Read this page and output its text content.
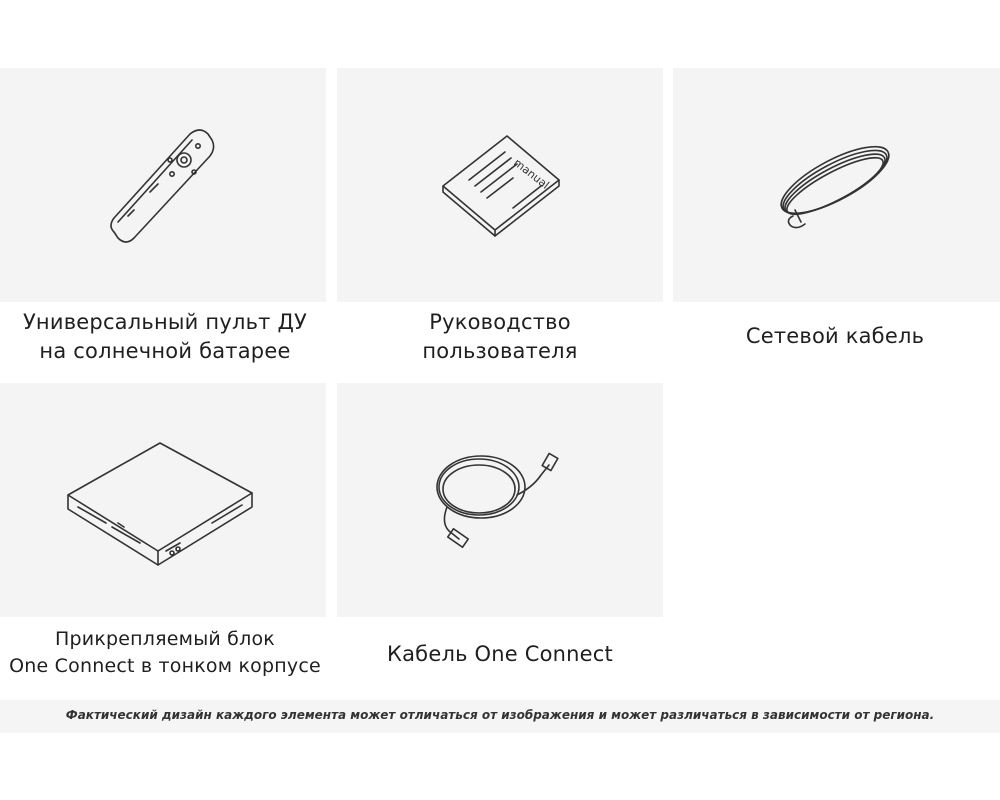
Универсальный пульт ДУ
на солнечной батарее
manual
Руководство
пользователя
Сетевой кабель
Прикрепляемый блок
One Connect в тонком корпусе	Кабель One Connect
Фактический дизайн каждого элемента может отличаться от изображения и может различаться в зависимости от региона.
